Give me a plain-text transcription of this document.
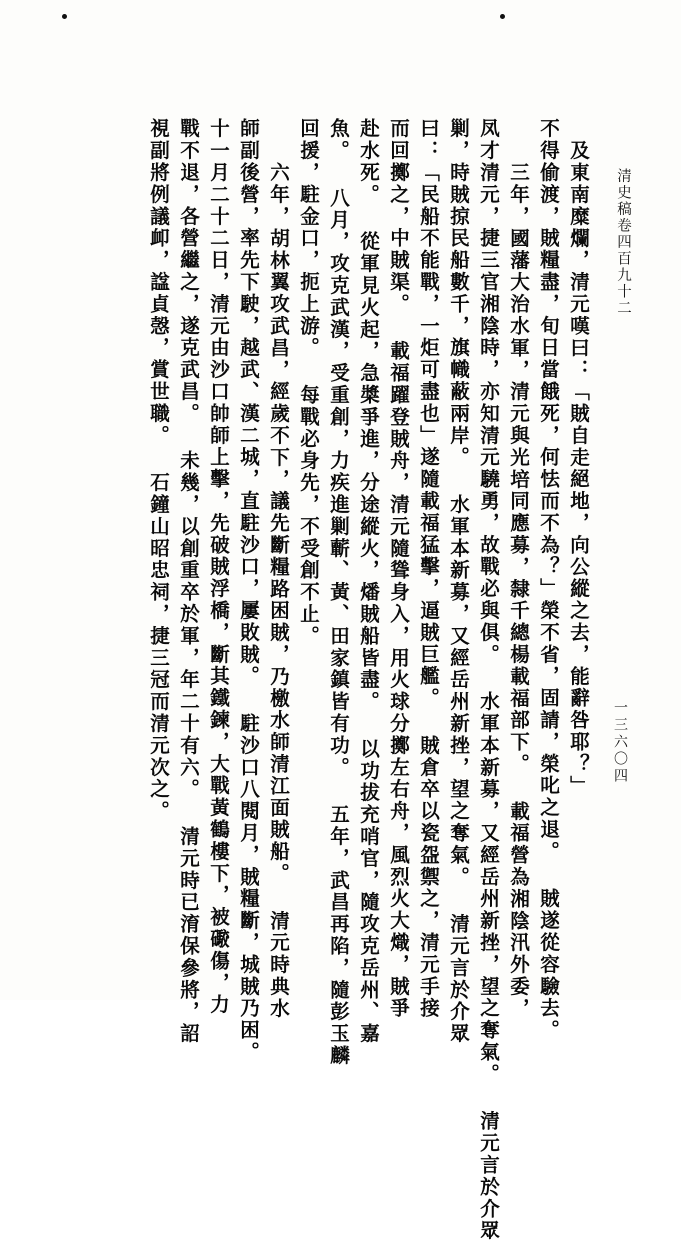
清史稿卷四百九十二
一三六〇四
及東南糜爛，清元嘆曰：「賊自走絕地，向公縱之去，能辭咎耶？」
不得偷渡，賊糧盡，旬日當餓死，何怯而不為？」榮不省，固請，榮叱之退。 賊遂從容驗去。
三年，國藩大治水軍，清元與光培同應募，隸千總楊載福部下。 載福營為湘陰汛外委，
凤才清元，捷三官湘陰時，亦知清元驍勇，故戰必與俱。 水軍本新募，又經岳州新挫，望之奪氣。 清元言於介眾
剿，時賊掠民船數千，旗幟蔽兩岸。 水軍本新募，又經岳州新挫，望之奪氣。 清元言於介眾
曰：「民船不能戰，一炬可盡也」遂隨載福猛擊，逼賊巨艦。 賊倉卒以瓷盌禦之，清元手接
而回擲之，中賊渠。 載福躍登賊舟，清元隨聳身入，用火球分擲左右舟，風烈火大熾，賊爭
赴水死。 從軍見火起，急槳爭進，分途縱火，燔賊船皆盡。 以功拔充哨官，隨攻克岳州、嘉
魚。 八月，攻克武漢，受重創，力疾進剿蘄、黃、田家鎮皆有功。 五年，武昌再陷，隨彭玉麟
回援，駐金口，扼上游。 每戰必身先，不受創不止。
六年，胡林翼攻武昌，經歲不下，議先斷糧路困賊，乃檄水師清江面賊船。 清元時典水
師副後營，率先下駛，越武、漢二城，直駐沙口，屢敗賊。 駐沙口八閱月，賊糧斷，城賊乃困。
十一月二十二日，清元由沙口帥師上擊，先破賊浮橋，斷其鐵鍊，大戰黃鶴樓下，被礮傷，力
戰不退，各營繼之，遂克武昌。 未幾，以創重卒於軍，年二十有六。 清元時已淯保參將，詔
視副將例議卹，諡貞愨，賞世職。 石鐘山昭忠祠，捷三冠而清元次之。
